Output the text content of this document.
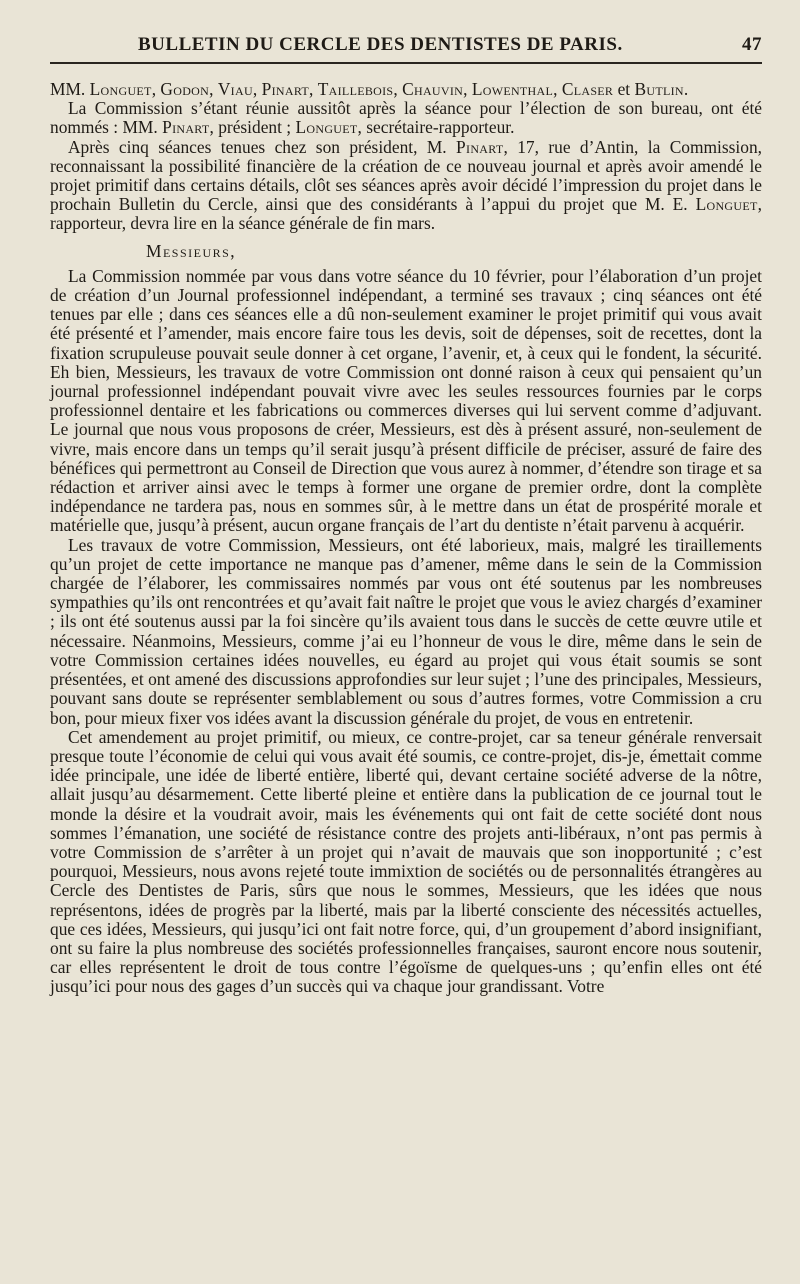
BULLETIN DU CERCLE DES DENTISTES DE PARIS.	47

MM. Longuet, Godon, Viau, Pinart, Taillebois, Chauvin, Lowenthal, Claser et Butlin.

La Commission s’étant réunie aussitôt après la séance pour l’élection de son bureau, ont été nommés : MM. Pinart, président ; Longuet, secrétaire-rapporteur.

Après cinq séances tenues chez son président, M. Pinart, 17, rue d’Antin, la Commission, reconnaissant la possibilité financière de la création de ce nouveau journal et après avoir amendé le projet primitif dans certains détails, clôt ses séances après avoir décidé l’impression du projet dans le prochain Bulletin du Cercle, ainsi que des considérants à l’appui du projet que M. E. Longuet, rapporteur, devra lire en la séance générale de fin mars.

Messieurs,

La Commission nommée par vous dans votre séance du 10 février, pour l’élaboration d’un projet de création d’un Journal professionnel indépendant, a terminé ses travaux ; cinq séances ont été tenues par elle ; dans ces séances elle a dû non-seulement examiner le projet primitif qui vous avait été présenté et l’amender, mais encore faire tous les devis, soit de dépenses, soit de recettes, dont la fixation scrupuleuse pouvait seule donner à cet organe, l’avenir, et, à ceux qui le fondent, la sécurité. Eh bien, Messieurs, les travaux de votre Commission ont donné raison à ceux qui pensaient qu’un journal professionnel indépendant pouvait vivre avec les seules ressources fournies par le corps professionnel dentaire et les fabrications ou commerces diverses qui lui servent comme d’adjuvant. Le journal que nous vous proposons de créer, Messieurs, est dès à présent assuré, non-seulement de vivre, mais encore dans un temps qu’il serait jusqu’à présent difficile de préciser, assuré de faire des bénéfices qui permettront au Conseil de Direction que vous aurez à nommer, d’étendre son tirage et sa rédaction et arriver ainsi avec le temps à former une organe de premier ordre, dont la complète indépendance ne tardera pas, nous en sommes sûr, à le mettre dans un état de prospérité morale et matérielle que, jusqu’à présent, aucun organe français de l’art du dentiste n’était parvenu à acquérir.

Les travaux de votre Commission, Messieurs, ont été laborieux, mais, malgré les tiraillements qu’un projet de cette importance ne manque pas d’amener, même dans le sein de la Commission chargée de l’élaborer, les commissaires nommés par vous ont été soutenus par les nombreuses sympathies qu’ils ont rencontrées et qu’avait fait naître le projet que vous le aviez chargés d’examiner ; ils ont été soutenus aussi par la foi sincère qu’ils avaient tous dans le succès de cette œuvre utile et nécessaire. Néanmoins, Messieurs, comme j’ai eu l’honneur de vous le dire, même dans le sein de votre Commission certaines idées nouvelles, eu égard au projet qui vous était soumis se sont présentées, et ont amené des discussions approfondies sur leur sujet ; l’une des principales, Messieurs, pouvant sans doute se représenter semblablement ou sous d’autres formes, votre Commission a cru bon, pour mieux fixer vos idées avant la discussion générale du projet, de vous en entretenir.

Cet amendement au projet primitif, ou mieux, ce contre-projet, car sa teneur générale renversait presque toute l’économie de celui qui vous avait été soumis, ce contre-projet, dis-je, émettait comme idée principale, une idée de liberté entière, liberté qui, devant certaine société adverse de la nôtre, allait jusqu’au désarmement. Cette liberté pleine et entière dans la publication de ce journal tout le monde la désire et la voudrait avoir, mais les événements qui ont fait de cette société dont nous sommes l’émanation, une société de résistance contre des projets anti-libéraux, n’ont pas permis à votre Commission de s’arrêter à un projet qui n’avait de mauvais que son inopportunité ; c’est pourquoi, Messieurs, nous avons rejeté toute immixtion de sociétés ou de personnalités étrangères au Cercle des Dentistes de Paris, sûrs que nous le sommes, Messieurs, que les idées que nous représentons, idées de progrès par la liberté, mais par la liberté consciente des nécessités actuelles, que ces idées, Messieurs, qui jusqu’ici ont fait notre force, qui, d’un groupement d’abord insignifiant, ont su faire la plus nombreuse des sociétés professionnelles françaises, sauront encore nous soutenir, car elles représentent le droit de tous contre l’égoïsme de quelques-uns ; qu’enfin elles ont été jusqu’ici pour nous des gages d’un succès qui va chaque jour grandissant. Votre
